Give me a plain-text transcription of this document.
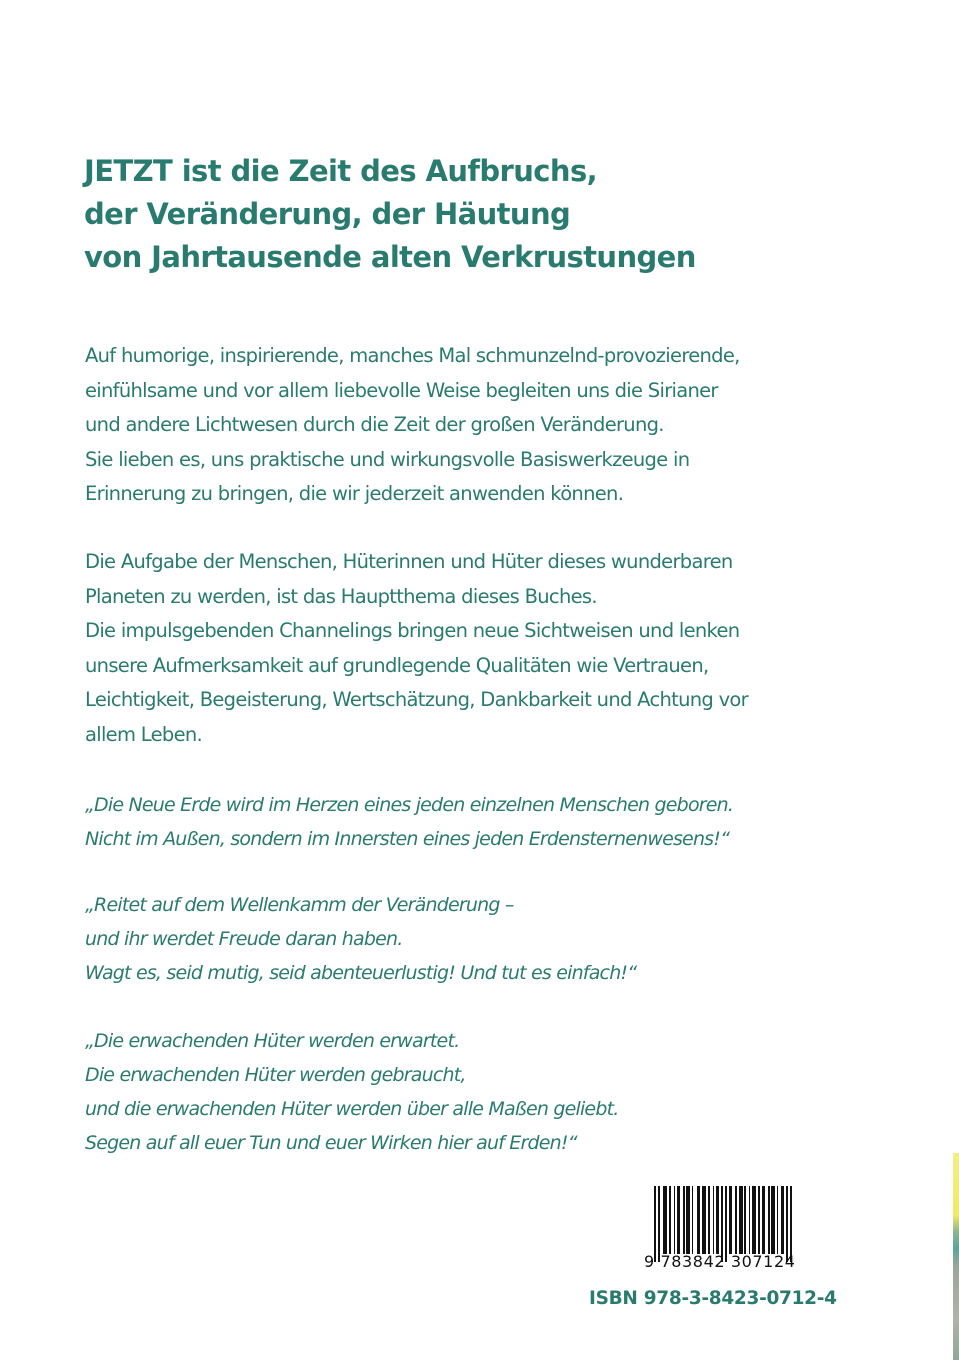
JETZT ist die Zeit des Aufbruchs,
der Veränderung, der Häutung
von Jahrtausende alten Verkrustungen
Auf humorige, inspirierende, manches Mal schmunzelnd-provozierende,
einfühlsame und vor allem liebevolle Weise begleiten uns die Sirianer
und andere Lichtwesen durch die Zeit der großen Veränderung.
Sie lieben es, uns praktische und wirkungsvolle Basiswerkzeuge in
Erinnerung zu bringen, die wir jederzeit anwenden können.
Die Aufgabe der Menschen, Hüterinnen und Hüter dieses wunderbaren
Planeten zu werden, ist das Hauptthema dieses Buches.
Die impulsgebenden Channelings bringen neue Sichtweisen und lenken
unsere Aufmerksamkeit auf grundlegende Qualitäten wie Vertrauen,
Leichtigkeit, Begeisterung, Wertschätzung, Dankbarkeit und Achtung vor
allem Leben.
„Die Neue Erde wird im Herzen eines jeden einzelnen Menschen geboren.
Nicht im Außen, sondern im Innersten eines jeden Erdensternenwesens!“
„Reitet auf dem Wellenkamm der Veränderung –
und ihr werdet Freude daran haben.
Wagt es, seid mutig, seid abenteuerlustig! Und tut es einfach!“
„Die erwachenden Hüter werden erwartet.
Die erwachenden Hüter werden gebraucht,
und die erwachenden Hüter werden über alle Maßen geliebt.
Segen auf all euer Tun und euer Wirken hier auf Erden!“
9 783842 307124
ISBN 978-3-8423-0712-4
